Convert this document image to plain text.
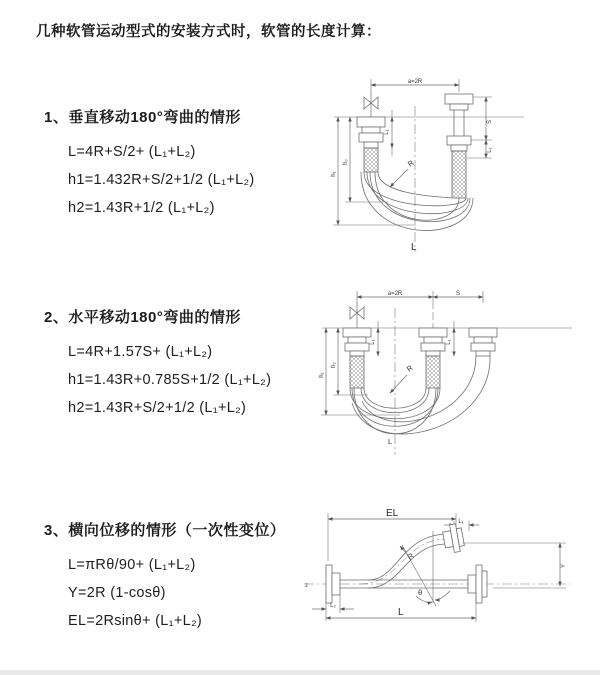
几种软管运动型式的安装方式时，软管的长度计算：
1、垂直移动180°弯曲的情形
L=4R+S/2+ (L₁+L₂)
h1=1.432R+S/2+1/2 (L₁+L₂)
h2=1.43R+1/2 (L₁+L₂)
2、水平移动180°弯曲的情形
L=4R+1.57S+ (L₁+L₂)
h1=1.43R+0.785S+1/2 (L₁+L₂)
h2=1.43R+S/2+1/2 (L₁+L₂)
3、横向位移的情形（一次性变位）
L=πRθ/90+ (L₁+L₂)
Y=2R (1-cosθ)
EL=2Rsinθ+ (L₁+L₂)
a=2R
S
L₁
L₁
h₁
h₂	R
L
a=2R	S
L₁	L₁
h₁
h₂	R
L
EL
L₁
L₂
Y
L
R
θ
z
